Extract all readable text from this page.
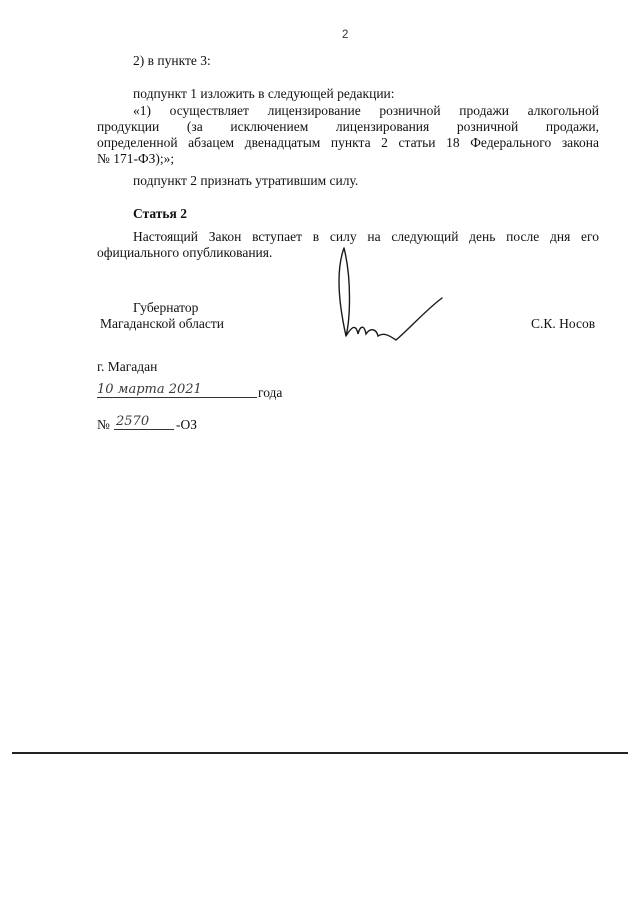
2
2) в пункте 3:
подпункт 1 изложить в следующей редакции:
«1) осуществляет лицензирование розничной продажи алкогольной
продукции (за исключением лицензирования розничной продажи,
определенной абзацем двенадцатым пункта 2 статьи 18 Федерального закона
№ 171-ФЗ);»;
подпункт 2 признать утратившим силу.
Статья 2
Настоящий Закон вступает в силу на следующий день после дня его
официального опубликования.
Губернатор
Магаданской области	С.К. Носов
г. Магадан
10 марта 2021	года
№ 2570 -ОЗ
